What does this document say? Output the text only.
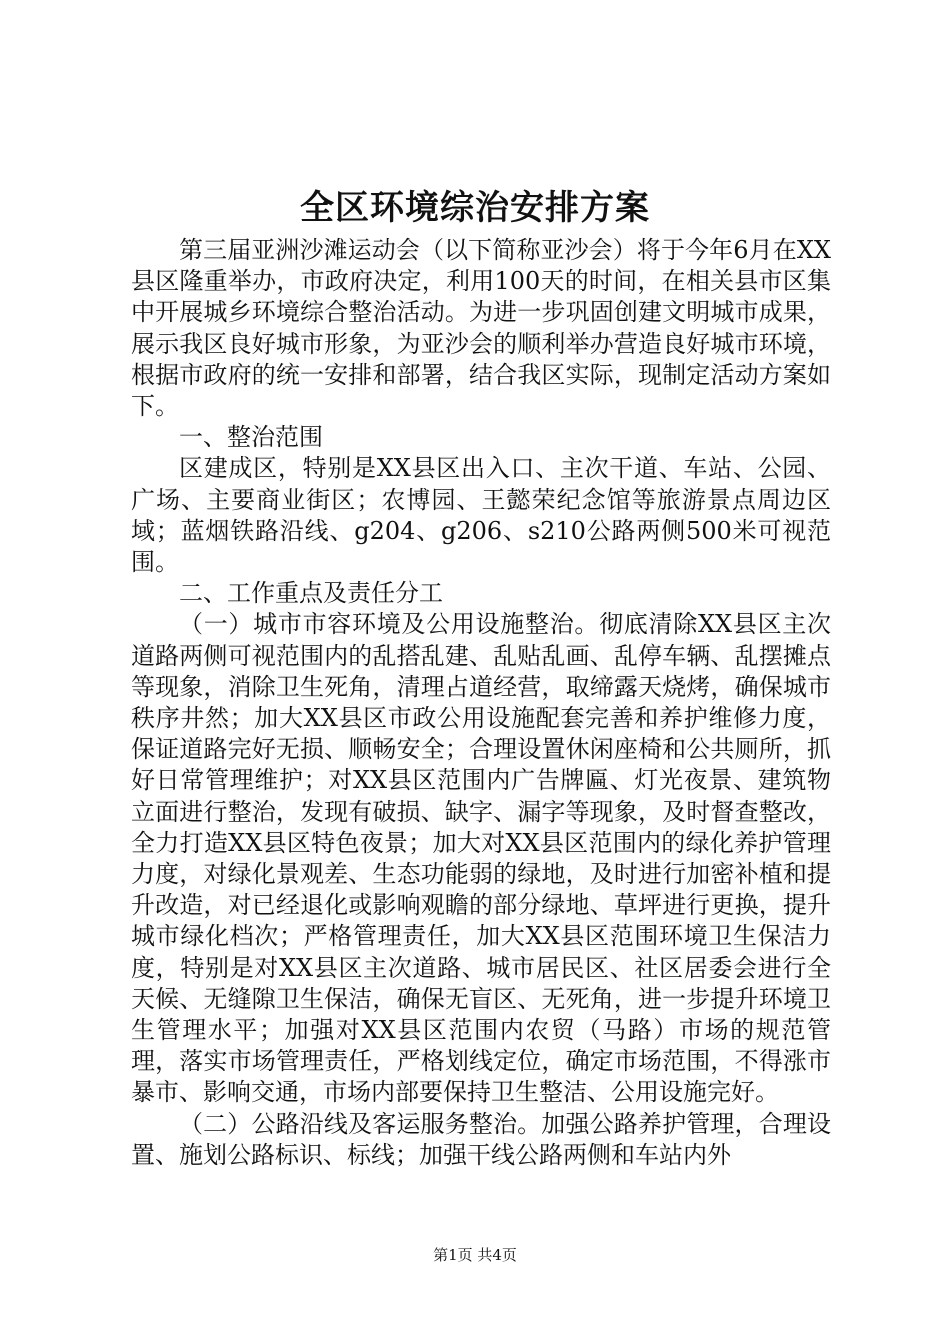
全区环境综治安排方案

第三届亚洲沙滩运动会（以下简称亚沙会）将于今年6月在XX县区隆重举办，市政府决定，利用100天的时间，在相关县市区集中开展城乡环境综合整治活动。为进一步巩固创建文明城市成果，展示我区良好城市形象，为亚沙会的顺利举办营造良好城市环境，根据市政府的统一安排和部署，结合我区实际，现制定活动方案如下。

一、整治范围

区建成区，特别是XX县区出入口、主次干道、车站、公园、广场、主要商业街区；农博园、王懿荣纪念馆等旅游景点周边区域；蓝烟铁路沿线、g204、g206、s210公路两侧500米可视范围。

二、工作重点及责任分工

（一）城市市容环境及公用设施整治。彻底清除XX县区主次道路两侧可视范围内的乱搭乱建、乱贴乱画、乱停车辆、乱摆摊点等现象，消除卫生死角，清理占道经营，取缔露天烧烤，确保城市秩序井然；加大XX县区市政公用设施配套完善和养护维修力度，保证道路完好无损、顺畅安全；合理设置休闲座椅和公共厕所，抓好日常管理维护；对XX县区范围内广告牌匾、灯光夜景、建筑物立面进行整治，发现有破损、缺字、漏字等现象，及时督查整改，全力打造XX县区特色夜景；加大对XX县区范围内的绿化养护管理力度，对绿化景观差、生态功能弱的绿地，及时进行加密补植和提升改造，对已经退化或影响观瞻的部分绿地、草坪进行更换，提升城市绿化档次；严格管理责任，加大XX县区范围环境卫生保洁力度，特别是对XX县区主次道路、城市居民区、社区居委会进行全天候、无缝隙卫生保洁，确保无盲区、无死角，进一步提升环境卫生管理水平；加强对XX县区范围内农贸（马路）市场的规范管理，落实市场管理责任，严格划线定位，确定市场范围，不得涨市暴市、影响交通，市场内部要保持卫生整洁、公用设施完好。

（二）公路沿线及客运服务整治。加强公路养护管理，合理设置、施划公路标识、标线；加强干线公路两侧和车站内外

第1页 共4页
